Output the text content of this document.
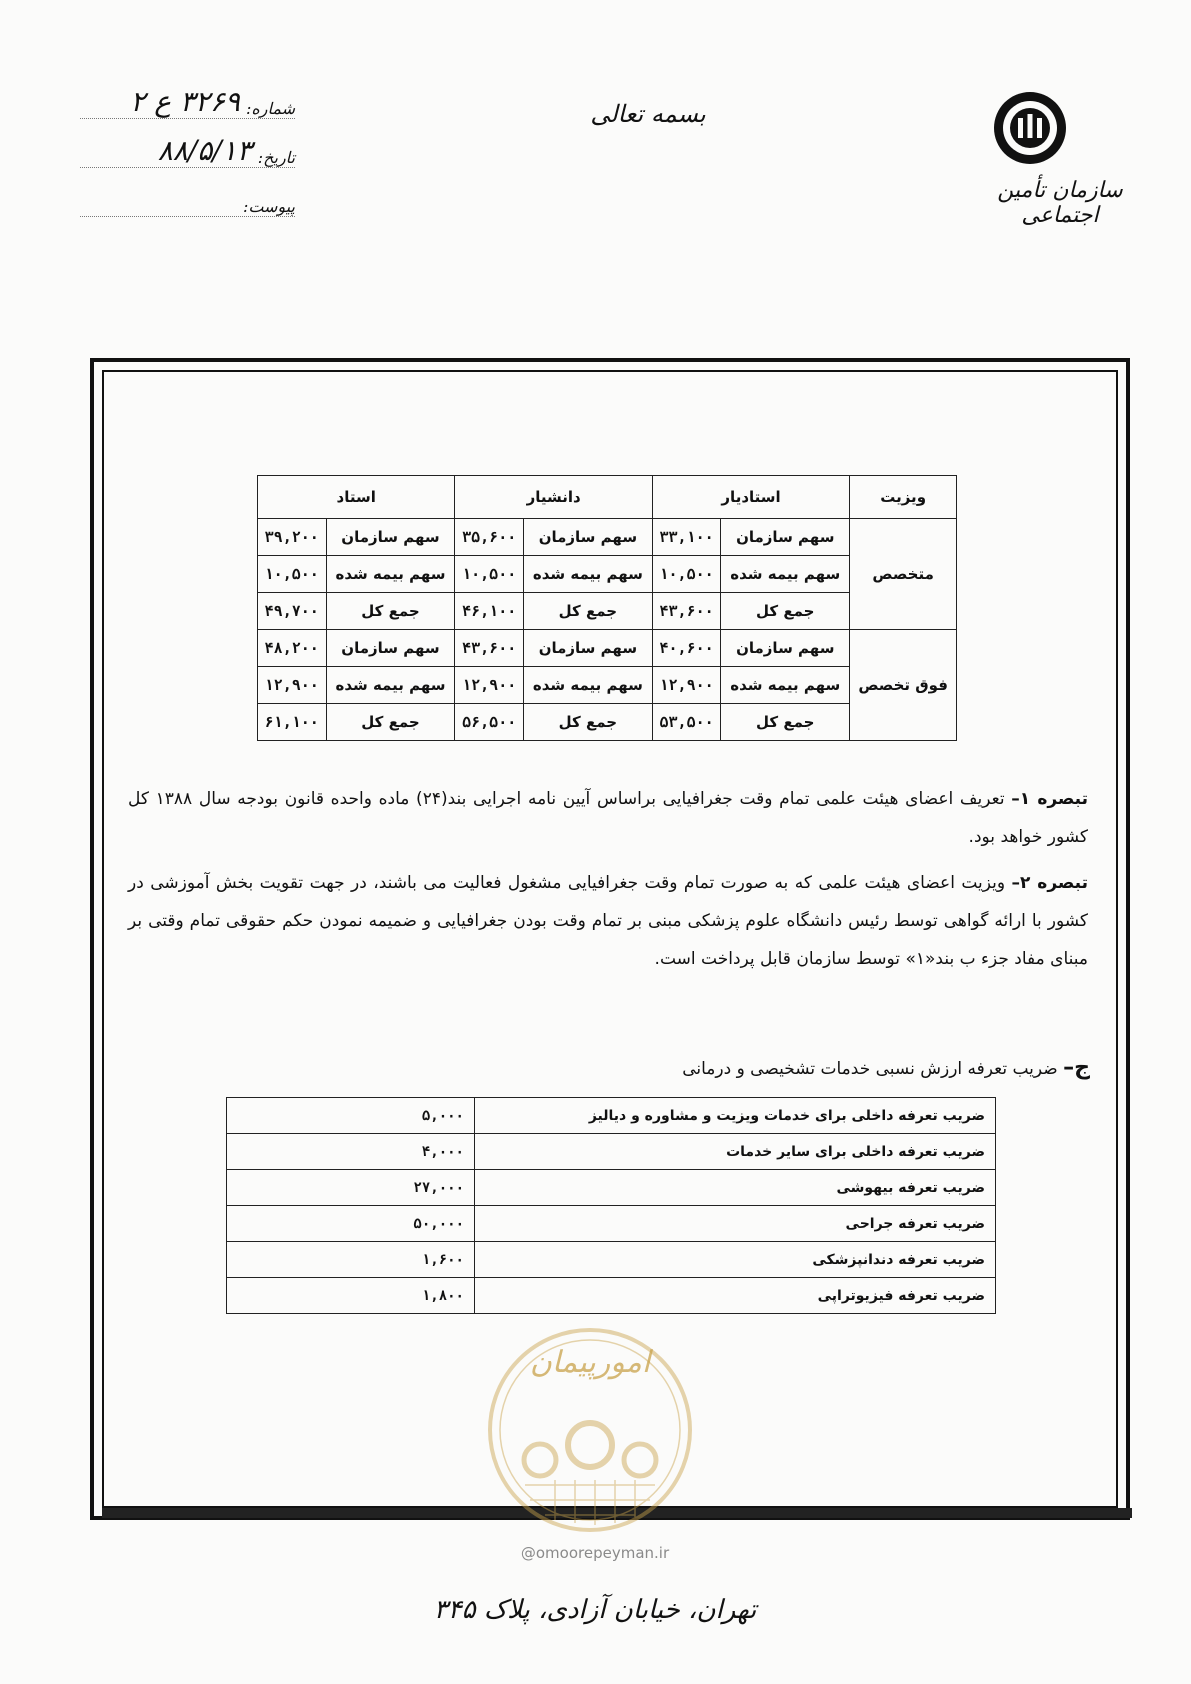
سازمان تأمین اجتماعی
بسمه تعالی
شماره:
۳۲۶۹ ع ۲
تاریخ:
۸۸/۵/۱۳
پیوست:
ویزیت	استادیار		دانشیار		استاد	
متخصص	سهم سازمان	۳۳,۱۰۰	سهم سازمان	۳۵,۶۰۰	سهم سازمان	۳۹,۲۰۰
	سهم بیمه شده	۱۰,۵۰۰	سهم بیمه شده	۱۰,۵۰۰	سهم بیمه شده	۱۰,۵۰۰
	جمع کل	۴۳,۶۰۰	جمع کل	۴۶,۱۰۰	جمع کل	۴۹,۷۰۰
فوق تخصص	سهم سازمان	۴۰,۶۰۰	سهم سازمان	۴۳,۶۰۰	سهم سازمان	۴۸,۲۰۰
	سهم بیمه شده	۱۲,۹۰۰	سهم بیمه شده	۱۲,۹۰۰	سهم بیمه شده	۱۲,۹۰۰
	جمع کل	۵۳,۵۰۰	جمع کل	۵۶,۵۰۰	جمع کل	۶۱,۱۰۰

تبصره ۱– تعریف اعضای هیئت علمی تمام وقت جغرافیایی براساس آیین نامه اجرایی بند(۲۴) ماده واحده قانون بودجه سال ۱۳۸۸ کل کشور خواهد بود.

تبصره ۲– ویزیت اعضای هیئت علمی که به صورت تمام وقت جغرافیایی مشغول فعالیت می باشند، در جهت تقویت بخش آموزشی در کشور با ارائه گواهی توسط رئیس دانشگاه علوم پزشکی مبنی بر تمام وقت بودن جغرافیایی و ضمیمه نمودن حکم حقوقی تمام وقتی بر مبنای مفاد جزء ب بند«۱» توسط سازمان قابل پرداخت است.

ج– ضریب تعرفه ارزش نسبی خدمات تشخیصی و درمانی
ضریب تعرفه داخلی برای خدمات ویزیت و مشاوره و دیالیز	۵,۰۰۰
ضریب تعرفه داخلی برای سایر خدمات	۴,۰۰۰
ضریب تعرفه بیهوشی	۲۷,۰۰۰
ضریب تعرفه جراحی	۵۰,۰۰۰
ضریب تعرفه دندانپزشکی	۱,۶۰۰
ضریب تعرفه فیزیوتراپی	۱,۸۰۰
امورپیمان
@omoorepeyman.ir
تهران، خیابان آزادی، پلاک ۳۴۵
